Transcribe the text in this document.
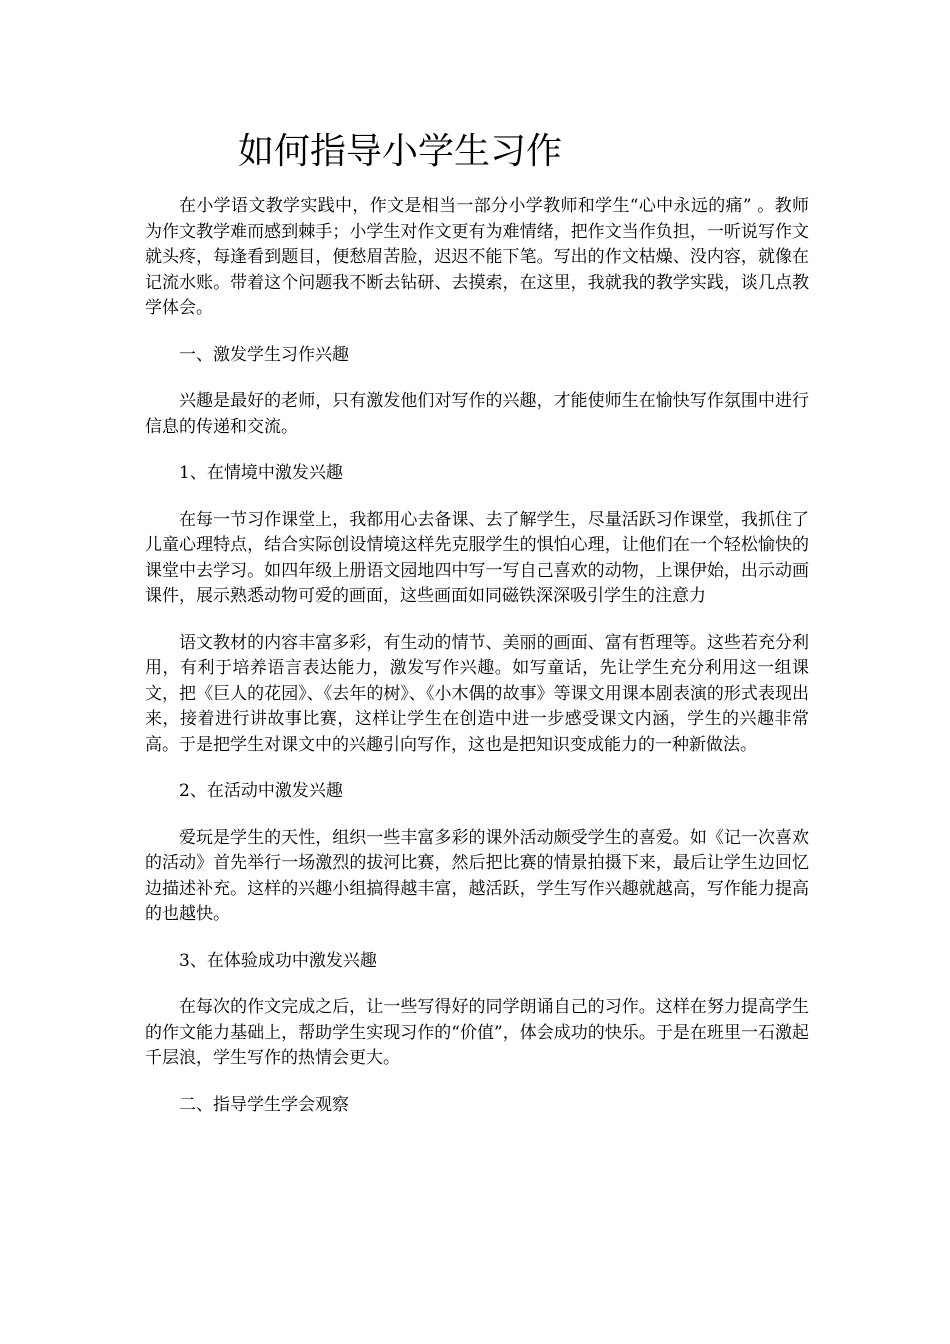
如何指导小学生习作

在小学语文教学实践中，作文是相当一部分小学教师和学生“心中永远的痛” 。教师为作文教学难而感到棘手；小学生对作文更有为难情绪，把作文当作负担，一听说写作文就头疼，每逢看到题目，便愁眉苦脸，迟迟不能下笔。写出的作文枯燥、没内容，就像在记流水账。带着这个问题我不断去钻研、去摸索，在这里，我就我的教学实践，谈几点教学体会。

一、激发学生习作兴趣

兴趣是最好的老师，只有激发他们对写作的兴趣，才能使师生在愉快写作氛围中进行信息的传递和交流。

1、在情境中激发兴趣

在每一节习作课堂上，我都用心去备课、去了解学生，尽量活跃习作课堂，我抓住了儿童心理特点，结合实际创设情境这样先克服学生的惧怕心理，让他们在一个轻松愉快的课堂中去学习。如四年级上册语文园地四中写一写自己喜欢的动物，上课伊始，出示动画课件，展示熟悉动物可爱的画面，这些画面如同磁铁深深吸引学生的注意力

语文教材的内容丰富多彩，有生动的情节、美丽的画面、富有哲理等。这些若充分利用，有利于培养语言表达能力，激发写作兴趣。如写童话，先让学生充分利用这一组课文，把《巨人的花园》、《去年的树》、《小木偶的故事》等课文用课本剧表演的形式表现出来，接着进行讲故事比赛，这样让学生在创造中进一步感受课文内涵，学生的兴趣非常高。于是把学生对课文中的兴趣引向写作，这也是把知识变成能力的一种新做法。

2、在活动中激发兴趣

爱玩是学生的天性，组织一些丰富多彩的课外活动颇受学生的喜爱。如《记一次喜欢的活动》首先举行一场激烈的拔河比赛，然后把比赛的情景拍摄下来，最后让学生边回忆边描述补充。这样的兴趣小组搞得越丰富，越活跃，学生写作兴趣就越高，写作能力提高的也越快。

3、在体验成功中激发兴趣

在每次的作文完成之后，让一些写得好的同学朗诵自己的习作。这样在努力提高学生的作文能力基础上，帮助学生实现习作的“价值”，体会成功的快乐。于是在班里一石激起千层浪，学生写作的热情会更大。

二、指导学生学会观察
